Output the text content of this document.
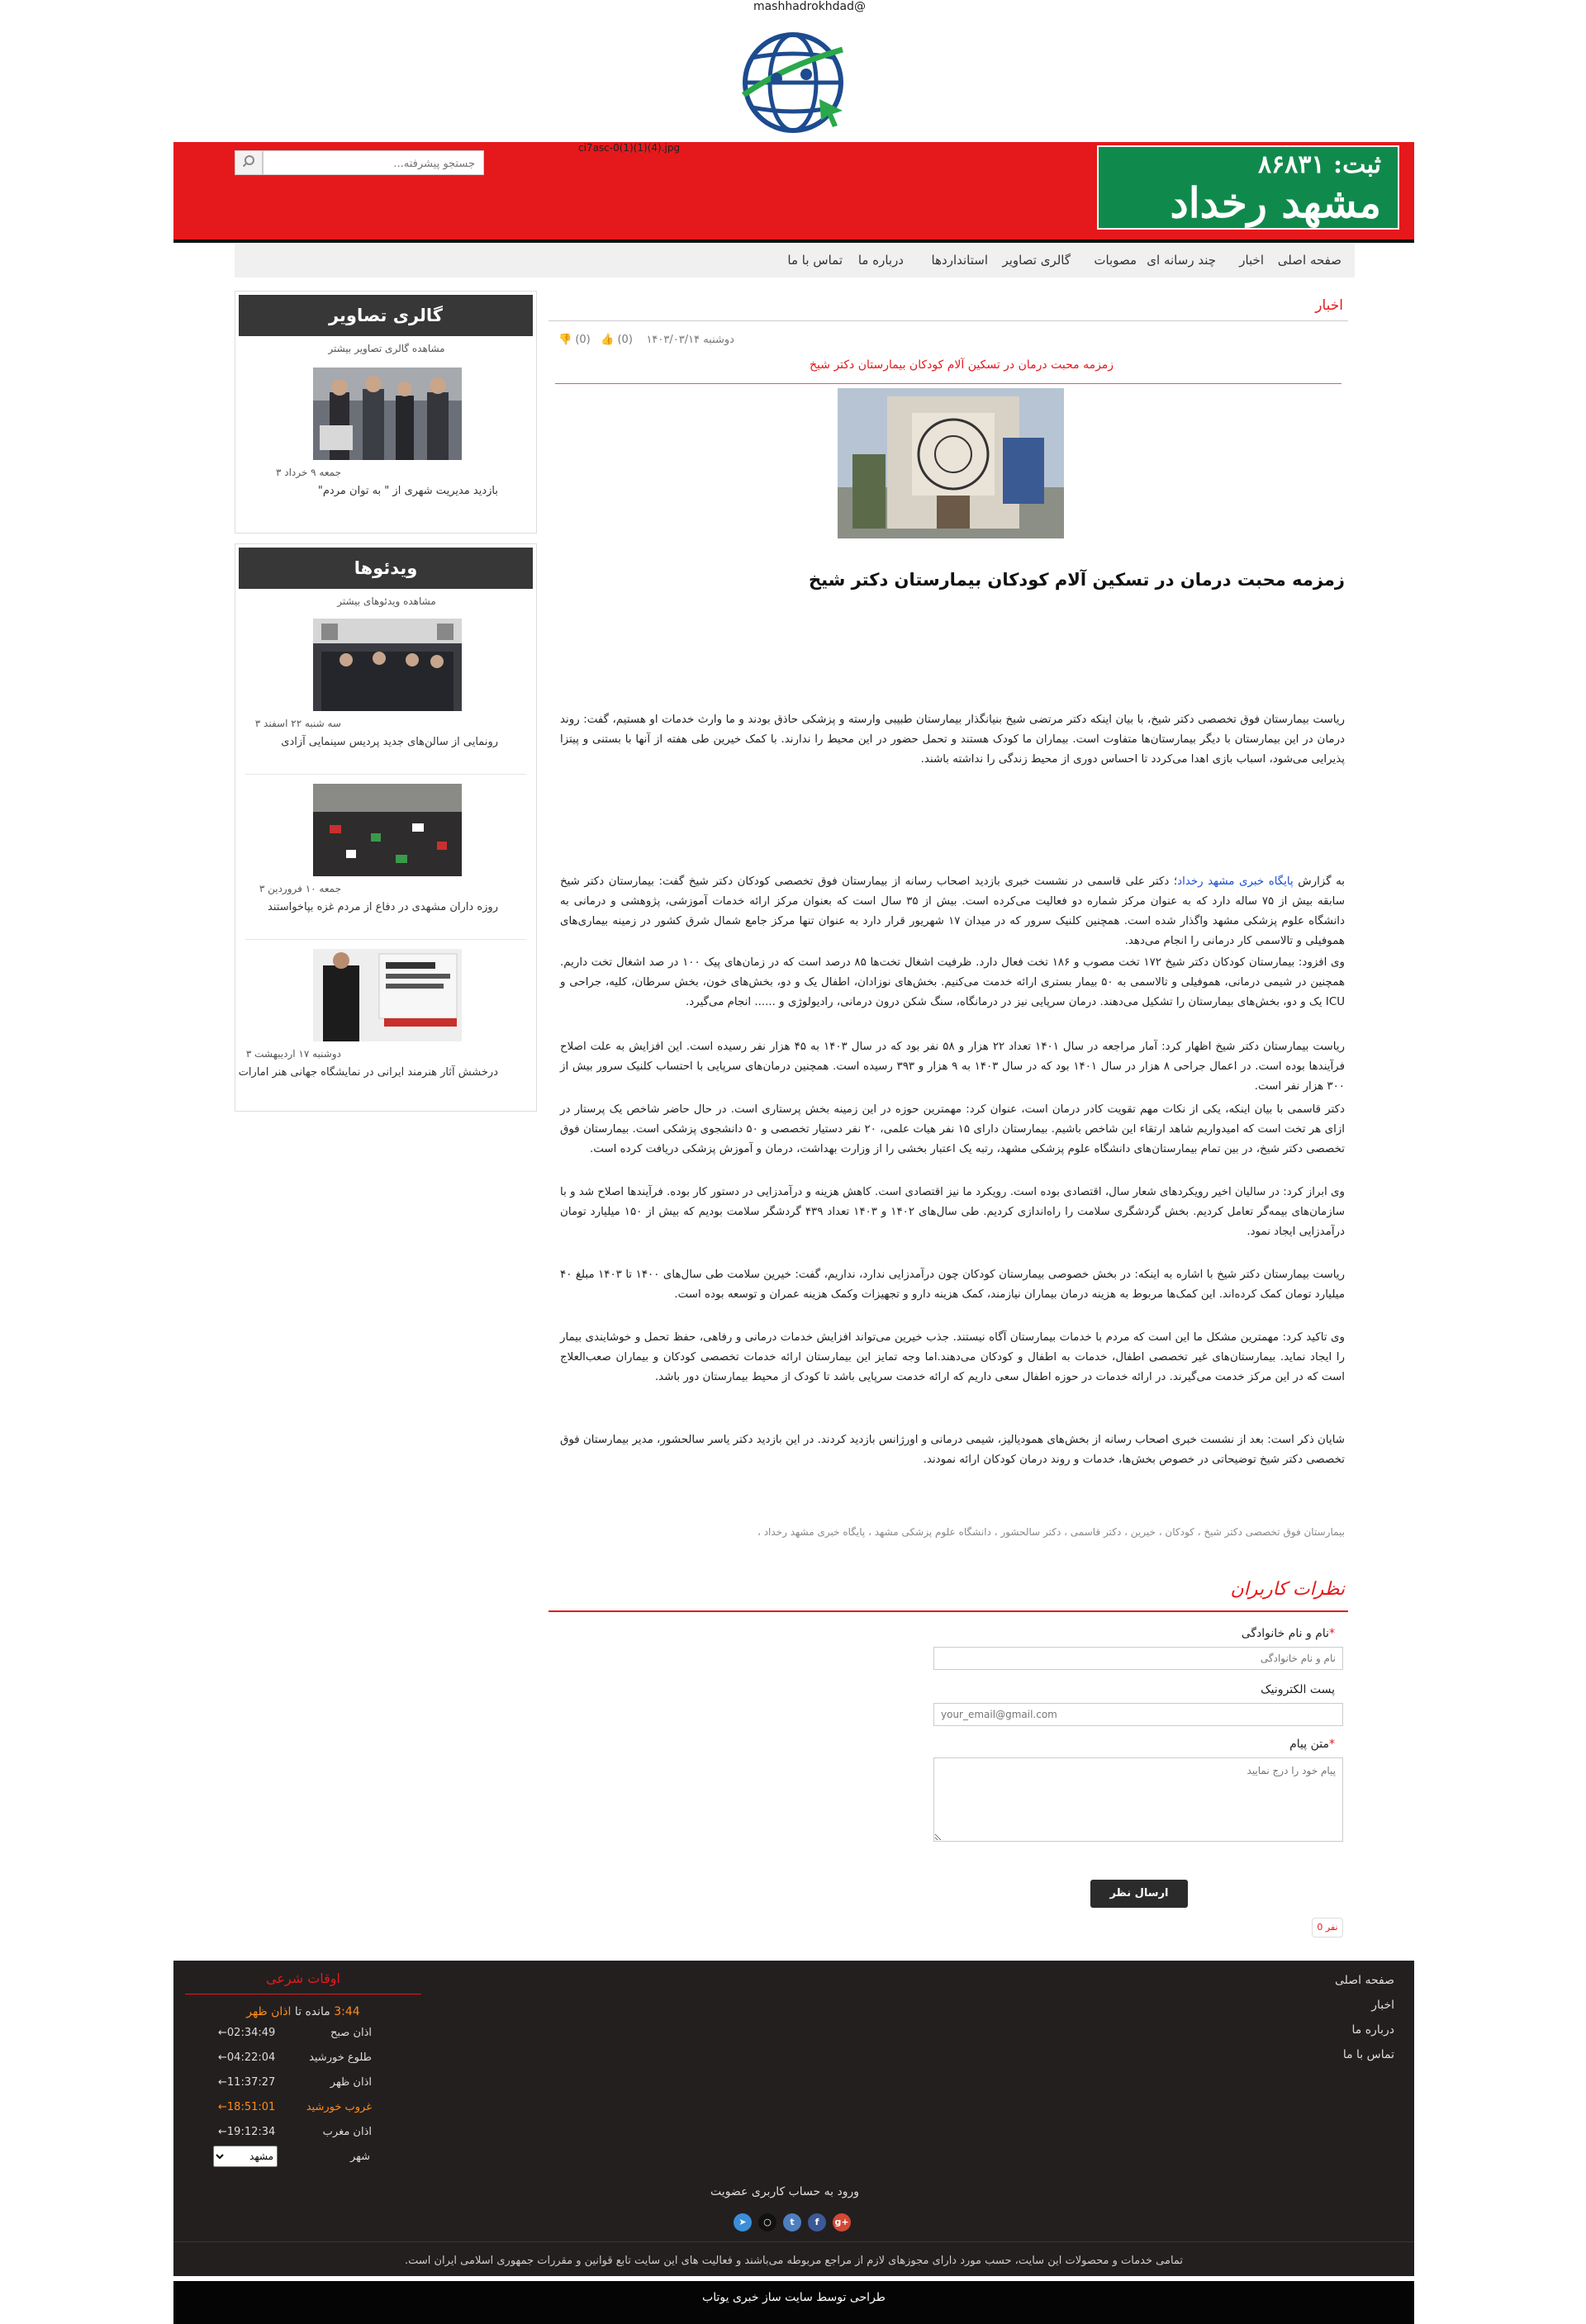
mashhadrokhdad@
ثبت: ۸۶۸۳۱
مشهد رخداد
ci7asc-0(1)(1)(4).jpg
جستجو پیشرفته...
صفحه اصلی
اخبار
چند رسانه ای
مصوبات
گالری تصاویر
استانداردها
درباره ما
تماس با ما
گالری تصاویر
مشاهده گالری تصاویر بیشتر
جمعه ۹ خرداد ۳
بازدید مدیریت شهری از " به توان مردم"
ویدئوها
مشاهده ویدئوهای بیشتر
سه شنبه ۲۲ اسفند ۳
رونمایی از سالن‌های جدید پردیس سینمایی آزادی
جمعه ۱۰ فروردین ۳
روزه داران مشهدی در دفاع از مردم غزه بپاخواستند
دوشنبه ۱۷ اردیبهشت ۳
درخشش آثار هنرمند ایرانی در نمایشگاه جهانی هنر امارات
اخبار
👎 (0) 👍 (0) دوشنبه ۱۴۰۳/۰۳/۱۴
زمزمه محبت درمان در تسکین آلام کودکان بیمارستان دکتر شیخ
زمزمه محبت درمان در تسکین آلام کودکان بیمارستان دکتر شیخ
ریاست بیمارستان فوق تخصصی دکتر شیخ، با بیان اینکه دکتر مرتضی شیخ بنیانگذار بیمارستان طبیبی وارسته و پزشکی حاذق بودند و ما وارث خدمات او هستیم، گفت: روند درمان در این بیمارستان با دیگر بیمارستان‌ها متفاوت است. بیماران ما کودک هستند و تحمل حضور در این محیط را ندارند. با کمک خیرین طی هفته از آنها با بستنی و پیتزا پذیرایی می‌شود، اسباب بازی اهدا می‌کردد تا احساس دوری از محیط زندگی را نداشته باشند.
به گزارش پایگاه خبری مشهد رخداد؛ دکتر علی قاسمی در نشست خبری بازدید اصحاب رسانه از بیمارستان فوق تخصصی کودکان دکتر شیخ گفت: بیمارستان دکتر شیخ سابقه بیش از ۷۵ ساله دارد که به عنوان مرکز شماره دو فعالیت می‌کرده است. بیش از ۳۵ سال است که بعنوان مرکز ارائه خدمات آموزشی، پژوهشی و درمانی به دانشگاه علوم پزشکی مشهد واگذار شده است. همچنین کلنیک سرور که در میدان ۱۷ شهریور قرار دارد به عنوان تنها مرکز جامع شمال شرق کشور در زمینه بیماری‌های هموفیلی و تالاسمی کار درمانی را انجام می‌دهد.
وی افزود: بیمارستان کودکان دکتر شیخ ۱۷۲ تخت مصوب و ۱۸۶ تخت فعال دارد. ظرفیت اشغال تخت‌ها ۸۵ درصد است که در زمان‌های پیک ۱۰۰ در صد اشغال تخت داریم. همچنین در شیمی درمانی، هموفیلی و تالاسمی به ۵۰ بیمار بستری ارائه خدمت می‌کنیم. بخش‌های نوزادان، اطفال یک و دو، بخش‌های خون، بخش سرطان، کلیه، جراحی و ICU یک و دو، بخش‌های بیمارستان را تشکیل می‌دهند. درمان سرپایی نیز در درمانگاه، سنگ شکن درون درمانی، رادیولوژی و ...... انجام می‌گیرد.
ریاست بیمارستان دکتر شیخ اظهار کرد: آمار مراجعه در سال ۱۴۰۱ تعداد ۲۲ هزار و ۵۸ نفر بود که در سال ۱۴۰۳ به ۴۵ هزار نفر رسیده است. این افزایش به علت اصلاح فرآیندها بوده است. در اعمال جراحی ۸ هزار در سال ۱۴۰۱ بود که در سال ۱۴۰۳ به ۹ هزار و ۳۹۳ رسیده است. همچنین درمان‌های سرپایی با احتساب کلنیک سرور بیش از ۳۰۰ هزار نفر است.
دکتر قاسمی با بیان اینکه، یکی از نکات مهم تقویت کادر درمان است، عنوان کرد: مهمترین حوزه در این زمینه بخش پرستاری است. در حال حاضر شاخص یک پرستار در ازای هر تخت است که امیدواریم شاهد ارتقاء این شاخص باشیم. بیمارستان دارای ۱۵ نفر هیات علمی، ۲۰ نفر دستیار تخصصی و ۵۰ دانشجوی پزشکی است. بیمارستان فوق تخصصی دکتر شیخ، در بین تمام بیمارستان‌های دانشگاه علوم پزشکی مشهد، رتبه یک اعتبار بخشی را از وزارت بهداشت، درمان و آموزش پزشکی دریافت کرده است.
وی ابراز کرد: در سالیان اخیر رویکردهای شعار سال، اقتصادی بوده است. رویکرد ما نیز اقتصادی است. کاهش هزینه و درآمدزایی در دستور کار بوده. فرآیندها اصلاح شد و با سازمان‌های بیمه‌گر تعامل کردیم. بخش گردشگری سلامت را راه‌اندازی کردیم. طی سال‌های ۱۴۰۲ و ۱۴۰۳ تعداد ۴۳۹ گردشگر سلامت بودیم که بیش از ۱۵۰ میلیارد تومان درآمدزایی ایجاد نمود.
ریاست بیمارستان دکتر شیخ با اشاره به اینکه: در بخش خصوصی بیمارستان کودکان چون درآمدزایی ندارد، نداریم، گفت: خیرین سلامت طی سال‌های ۱۴۰۰ تا ۱۴۰۳ مبلغ ۴۰ میلیارد تومان کمک کرده‌اند. این کمک‌ها مربوط به هزینه درمان بیماران نیازمند، کمک هزینه دارو و تجهیزات وکمک هزینه عمران و توسعه بوده است.
وی تاکید کرد: مهمترین مشکل ما این است که مردم با خدمات بیمارستان آگاه نیستند. جذب خیرین می‌تواند افزایش خدمات درمانی و رفاهی، حفظ تحمل و خوشایندی بیمار را ایجاد نماید. بیمارستان‌های غیر تخصصی اطفال، خدمات به اطفال و کودکان می‌دهند.اما وجه تمایز این بیمارستان ارائه خدمات تخصصی کودکان و بیماران صعب‌العلاج است که در این مرکز خدمت می‌گیرند. در ارائه خدمات در حوزه اطفال سعی داریم که ارائه خدمت سرپایی باشد تا کودک از محیط بیمارستان دور باشد.
شایان ذکر است: بعد از نشست خبری اصحاب رسانه از بخش‌های همودیالیز، شیمی درمانی و اورژانس بازدید کردند. در این بازدید دکتر یاسر سالحشور، مدیر بیمارستان فوق تخصصی دکتر شیخ توضیحاتی در خصوص بخش‌ها، خدمات و روند درمان کودکان ارائه نمودند.
بیمارستان فوق تخصصی دکتر شیخ ، کودکان ، خیرین ، دکتر قاسمی ، دکتر سالحشور ، دانشگاه علوم پزشکی مشهد ، پایگاه خبری مشهد رخداد ،
نظرات کاربران
*نام و نام خانوادگی
نام و نام خانوادگی
پست الکترونیک
your_email@gmail.com
*متن پیام
پیام خود را درج نمایید
ارسال نظر
0 نفر
صفحه اصلی
اخبار
درباره ما
تماس با ما
اوقات شرعی
3:44 مانده تا اذان ظهر
اذان صبح
←02:34:49
طلوع خورشید
←04:22:04
اذان ظهر
←11:37:27
غروب خورشید
←18:51:01
اذان مغرب
←19:12:34
شهر
مشهد
ورود به حساب کاربری عضویت
➤	○	t	f	g+
تمامی خدمات و محصولات این سایت، حسب مورد دارای مجوزهای لازم از مراجع مربوطه می‌باشند و فعالیت های این سایت تابع قوانین و مقررات جمهوری اسلامی ایران است.
طراحی توسط سایت ساز خبری یوتاب
